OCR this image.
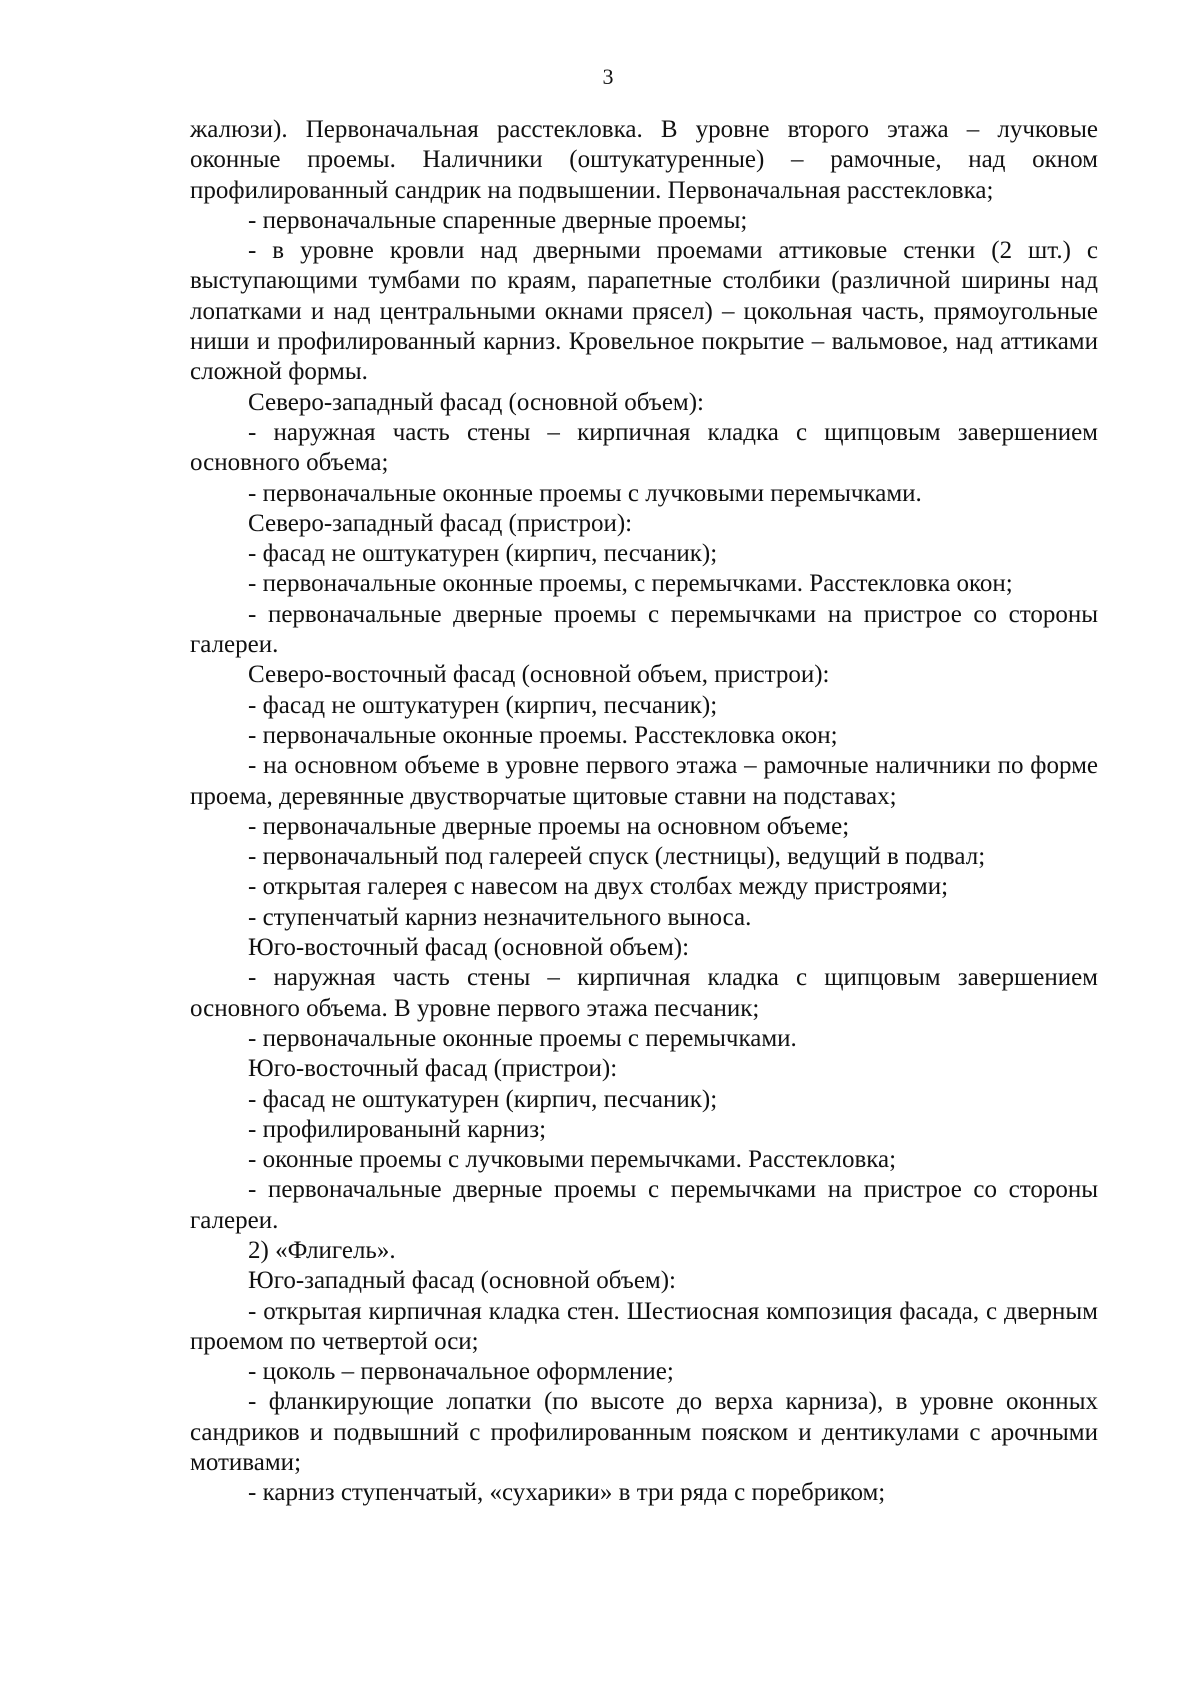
3

жалюзи). Первоначальная расстекловка. В уровне второго этажа – лучковые оконные проемы. Наличники (оштукатуренные) – рамочные, над окном профилированный сандрик на подвышении. Первоначальная расстекловка;

- первоначальные спаренные дверные проемы;

- в уровне кровли над дверными проемами аттиковые стенки (2 шт.) с выступающими тумбами по краям, парапетные столбики (различной ширины над лопатками и над центральными окнами прясел) – цокольная часть, прямоугольные ниши и профилированный карниз. Кровельное покрытие – вальмовое, над аттиками сложной формы.

Северо-западный фасад (основной объем):

- наружная часть стены – кирпичная кладка с щипцовым завершением основного объема;

- первоначальные оконные проемы с лучковыми перемычками.

Северо-западный фасад (пристрои):

- фасад не оштукатурен (кирпич, песчаник);

- первоначальные оконные проемы, с перемычками. Расстекловка окон;

- первоначальные дверные проемы с перемычками на пристрое со стороны галереи.

Северо-восточный фасад (основной объем, пристрои):

- фасад не оштукатурен (кирпич, песчаник);

- первоначальные оконные проемы. Расстекловка окон;

- на основном объеме в уровне первого этажа – рамочные наличники по форме проема, деревянные двустворчатые щитовые ставни на подставах;

- первоначальные дверные проемы на основном объеме;

- первоначальный под галереей спуск (лестницы), ведущий в подвал;

- открытая галерея с навесом на двух столбах между пристроями;

- ступенчатый карниз незначительного выноса.

Юго-восточный фасад (основной объем):

- наружная часть стены – кирпичная кладка с щипцовым завершением основного объема. В уровне первого этажа песчаник;

- первоначальные оконные проемы с перемычками.

Юго-восточный фасад (пристрои):

- фасад не оштукатурен (кирпич, песчаник);

- профилированынй карниз;

- оконные проемы с лучковыми перемычками. Расстекловка;

- первоначальные дверные проемы с перемычками на пристрое со стороны галереи.

2) «Флигель».

Юго-западный фасад (основной объем):

- открытая кирпичная кладка стен. Шестиосная композиция фасада, с дверным проемом по четвертой оси;

- цоколь – первоначальное оформление;

- фланкирующие лопатки (по высоте до верха карниза), в уровне оконных сандриков и подвышний с профилированным пояском и дентикулами с арочными мотивами;

- карниз ступенчатый, «сухарики» в три ряда с поребриком;
